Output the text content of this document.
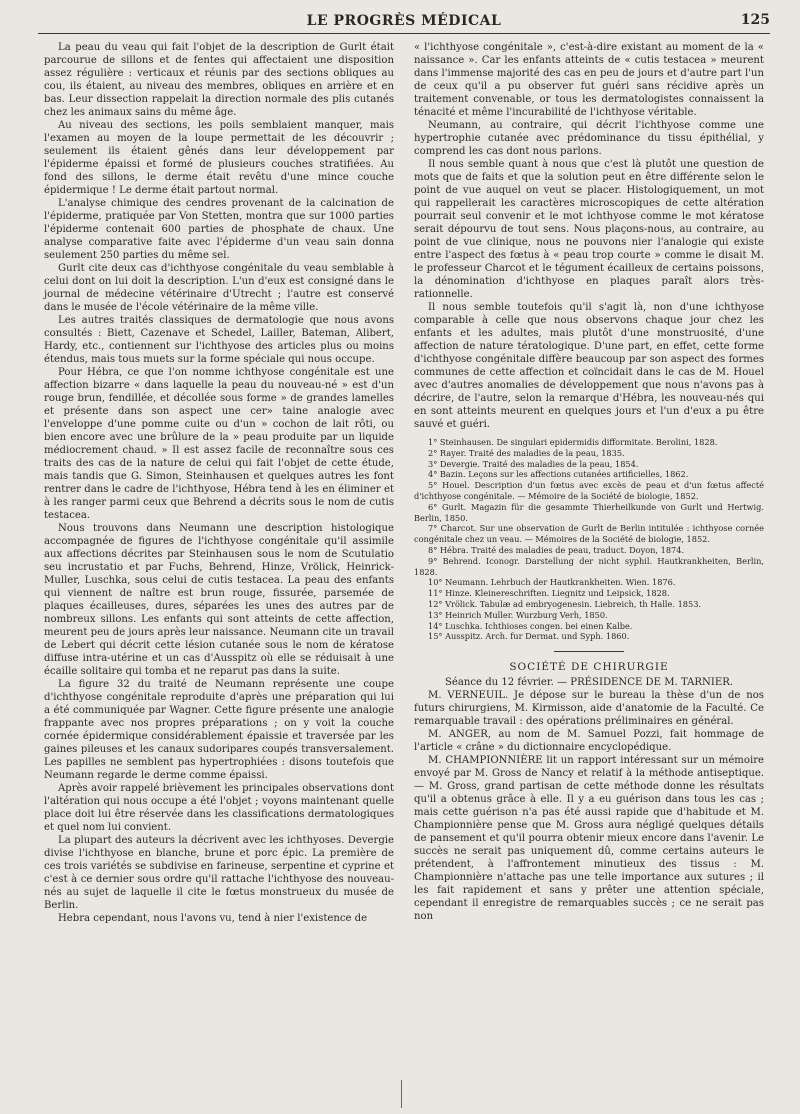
LE PROGRÈS MÉDICAL	125

La peau du veau qui fait l'objet de la description de Gurlt était parcourue de sillons et de fentes qui affectaient une disposition assez régulière : verticaux et réunis par des sections obliques au cou, ils étaient, au niveau des membres, obliques en arrière et en bas. Leur dissection rappelait la direction normale des plis cutanés chez les animaux sains du même âge.

Au niveau des sections, les poils semblaient manquer, mais l'examen au moyen de la loupe permettait de les découvrir ; seulement ils étaient gênés dans leur développement par l'épiderme épaissi et formé de plusieurs couches stratifiées. Au fond des sillons, le derme était revêtu d'une mince couche épidermique ! Le derme était partout normal.

L'analyse chimique des cendres provenant de la calcination de l'épiderme, pratiquée par Von Stetten, montra que sur 1000 parties l'épiderme contenait 600 parties de phosphate de chaux. Une analyse comparative faite avec l'épiderme d'un veau sain donna seulement 250 parties du même sel.

Gurlt cite deux cas d'ichthyose congénitale du veau semblable à celui dont on lui doit la description. L'un d'eux est consigné dans le journal de médecine vétérinaire d'Utrecht ; l'autre est conservé dans le musée de l'école vétérinaire de la même ville.

Les autres traités classiques de dermatologie que nous avons consultés : Biett, Cazenave et Schedel, Lailler, Bateman, Alibert, Hardy, etc., contiennent sur l'ichthyose des articles plus ou moins étendus, mais tous muets sur la forme spéciale qui nous occupe.

Pour Hébra, ce que l'on nomme ichthyose congénitale est une affection bizarre « dans laquelle la peau du nouveau-né » est d'un rouge brun, fendillée, et décollée sous forme » de grandes lamelles et présente dans son aspect une cer» taine analogie avec l'enveloppe d'une pomme cuite ou d'un » cochon de lait rôti, ou bien encore avec une brûlure de la » peau produite par un liquide médiocrement chaud. » Il est assez facile de reconnaître sous ces traits des cas de la nature de celui qui fait l'objet de cette étude, mais tandis que G. Simon, Steinhausen et quelques autres les font rentrer dans le cadre de l'ichthyose, Hébra tend à les en éliminer et à les ranger parmi ceux que Behrend a décrits sous le nom de cutis testacea.

Nous trouvons dans Neumann une description histologique accompagnée de figures de l'ichthyose congénitale qu'il assimile aux affections décrites par Steinhausen sous le nom de Scutulatio seu incrustatio et par Fuchs, Behrend, Hinze, Vrölick, Heinrick-Muller, Luschka, sous celui de cutis testacea. La peau des enfants qui viennent de naître est brun rouge, fissurée, parsemée de plaques écailleuses, dures, séparées les unes des autres par de nombreux sillons. Les enfants qui sont atteints de cette affection, meurent peu de jours après leur naissance. Neumann cite un travail de Lebert qui décrit cette lésion cutanée sous le nom de kératose diffuse intra-utérine et un cas d'Ausspitz où elle se réduisait à une écaille solitaire qui tomba et ne reparut pas dans la suite.

La figure 32 du traité de Neumann représente une coupe d'ichthyose congénitale reproduite d'après une préparation qui lui a été communiquée par Wagner. Cette figure présente une analogie frappante avec nos propres préparations ; on y voit la couche cornée épidermique considérablement épaissie et traversée par les gaines pileuses et les canaux sudoripares coupés transversalement. Les papilles ne semblent pas hypertrophiées : disons toutefois que Neumann regarde le derme comme épaissi.

Après avoir rappelé brièvement les principales observations dont l'altération qui nous occupe a été l'objet ; voyons maintenant quelle place doit lui être réservée dans les classifications dermatologiques et quel nom lui convient.

La plupart des auteurs la décrivent avec les ichthyoses. Devergie divise l'ichthyose en blanche, brune et porc épic. La première de ces trois variétés se subdivise en farineuse, serpentine et cyprine et c'est à ce dernier sous ordre qu'il rattache l'ichthyose des nouveau-nés au sujet de laquelle il cite le fœtus monstrueux du musée de Berlin.

Hebra cependant, nous l'avons vu, tend à nier l'existence de

« l'ichthyose congénitale », c'est-à-dire existant au moment de la « naissance ». Car les enfants atteints de « cutis testacea » meurent dans l'immense majorité des cas en peu de jours et d'autre part l'un de ceux qu'il a pu observer fut guéri sans récidive après un traitement convenable, or tous les dermatologistes connaissent la ténacité et même l'incurabilité de l'ichthyose véritable.

Neumann, au contraire, qui décrit l'ichthyose comme une hypertrophie cutanée avec prédominance du tissu épithélial, y comprend les cas dont nous parlons.

Il nous semble quant à nous que c'est là plutôt une question de mots que de faits et que la solution peut en être différente selon le point de vue auquel on veut se placer. Histologiquement, un mot qui rappellerait les caractères microscopiques de cette altération pourrait seul convenir et le mot ichthyose comme le mot kératose serait dépourvu de tout sens. Nous plaçons-nous, au contraire, au point de vue clinique, nous ne pouvons nier l'analogie qui existe entre l'aspect des fœtus à « peau trop courte » comme le disait M. le professeur Charcot et le tégument écailleux de certains poissons, la dénomination d'ichthyose en plaques paraît alors très-rationnelle.

Il nous semble toutefois qu'il s'agit là, non d'une ichthyose comparable à celle que nous observons chaque jour chez les enfants et les adultes, mais plutôt d'une monstruosité, d'une affection de nature tératologique. D'une part, en effet, cette forme d'ichthyose congénitale diffère beaucoup par son aspect des formes communes de cette affection et coïncidait dans le cas de M. Houel avec d'autres anomalies de développement que nous n'avons pas à décrire, de l'autre, selon la remarque d'Hébra, les nouveau-nés qui en sont atteints meurent en quelques jours et l'un d'eux a pu être sauvé et guéri.

1° Steinhausen. De singulari epidermidis difformitate. Berolini, 1828.
2° Rayer. Traité des maladies de la peau, 1835.
3° Devergie. Traité des maladies de la peau, 1854.
4° Bazin. Leçons sur les affections cutanées artificielles, 1862.
5° Houel. Description d'un fœtus avec excès de peau et d'un fœtus affecté d'ichthyose congénitale. — Mémoire de la Société de biologie, 1852.
6° Gurlt. Magazin für die gesammte Thierheilkunde von Gurlt und Hertwig. Berlin, 1850.
7° Charcot. Sur une observation de Gurlt de Berlin intitulée : ichthyose cornée congénitale chez un veau. — Mémoires de la Société de biologie, 1852.
8° Hébra. Traité des maladies de peau, traduct. Doyon, 1874.
9° Behrend. Iconogr. Darstellung der nicht syphil. Hautkrankheiten, Berlin, 1828.
10° Neumann. Lehrbuch der Hautkrankheiten. Wien. 1876.
11° Hinze. Kleinereschriften. Liegnitz und Leipsick, 1828.
12° Vrölick. Tabulæ ad embryogenesin. Liebreich, th Halle. 1853.
13° Heinrich Muller. Wurzburg Verh, 1850.
14° Luschka. Ichthioses congen. bei einen Kalbe.
15° Ausspitz. Arch. fur Dermat. und Syph. 1860.
SOCIÉTÉ DE CHIRURGIE

Séance du 12 février. — PRÉSIDENCE DE M. TARNIER.

M. VERNEUIL. Je dépose sur le bureau la thèse d'un de nos futurs chirurgiens, M. Kirmisson, aide d'anatomie de la Faculté. Ce remarquable travail : des opérations préliminaires en général.

M. ANGER, au nom de M. Samuel Pozzi, fait hommage de l'article « crâne » du dictionnaire encyclopédique.

M. CHAMPIONNIÈRE lit un rapport intéressant sur un mémoire envoyé par M. Gross de Nancy et relatif à la méthode antiseptique. — M. Gross, grand partisan de cette méthode donne les résultats qu'il a obtenus grâce à elle. Il y a eu guérison dans tous les cas ; mais cette guérison n'a pas été aussi rapide que d'habitude et M. Championnière pense que M. Gross aura négligé quelques détails de pansement et qu'il pourra obtenir mieux encore dans l'avenir. Le succès ne serait pas uniquement dû, comme certains auteurs le prétendent, à l'affrontement minutieux des tissus : M. Championnière n'attache pas une telle importance aux sutures ; il les fait rapidement et sans y prêter une attention spéciale, cependant il enregistre de remarquables succès ; ce ne serait pas non
